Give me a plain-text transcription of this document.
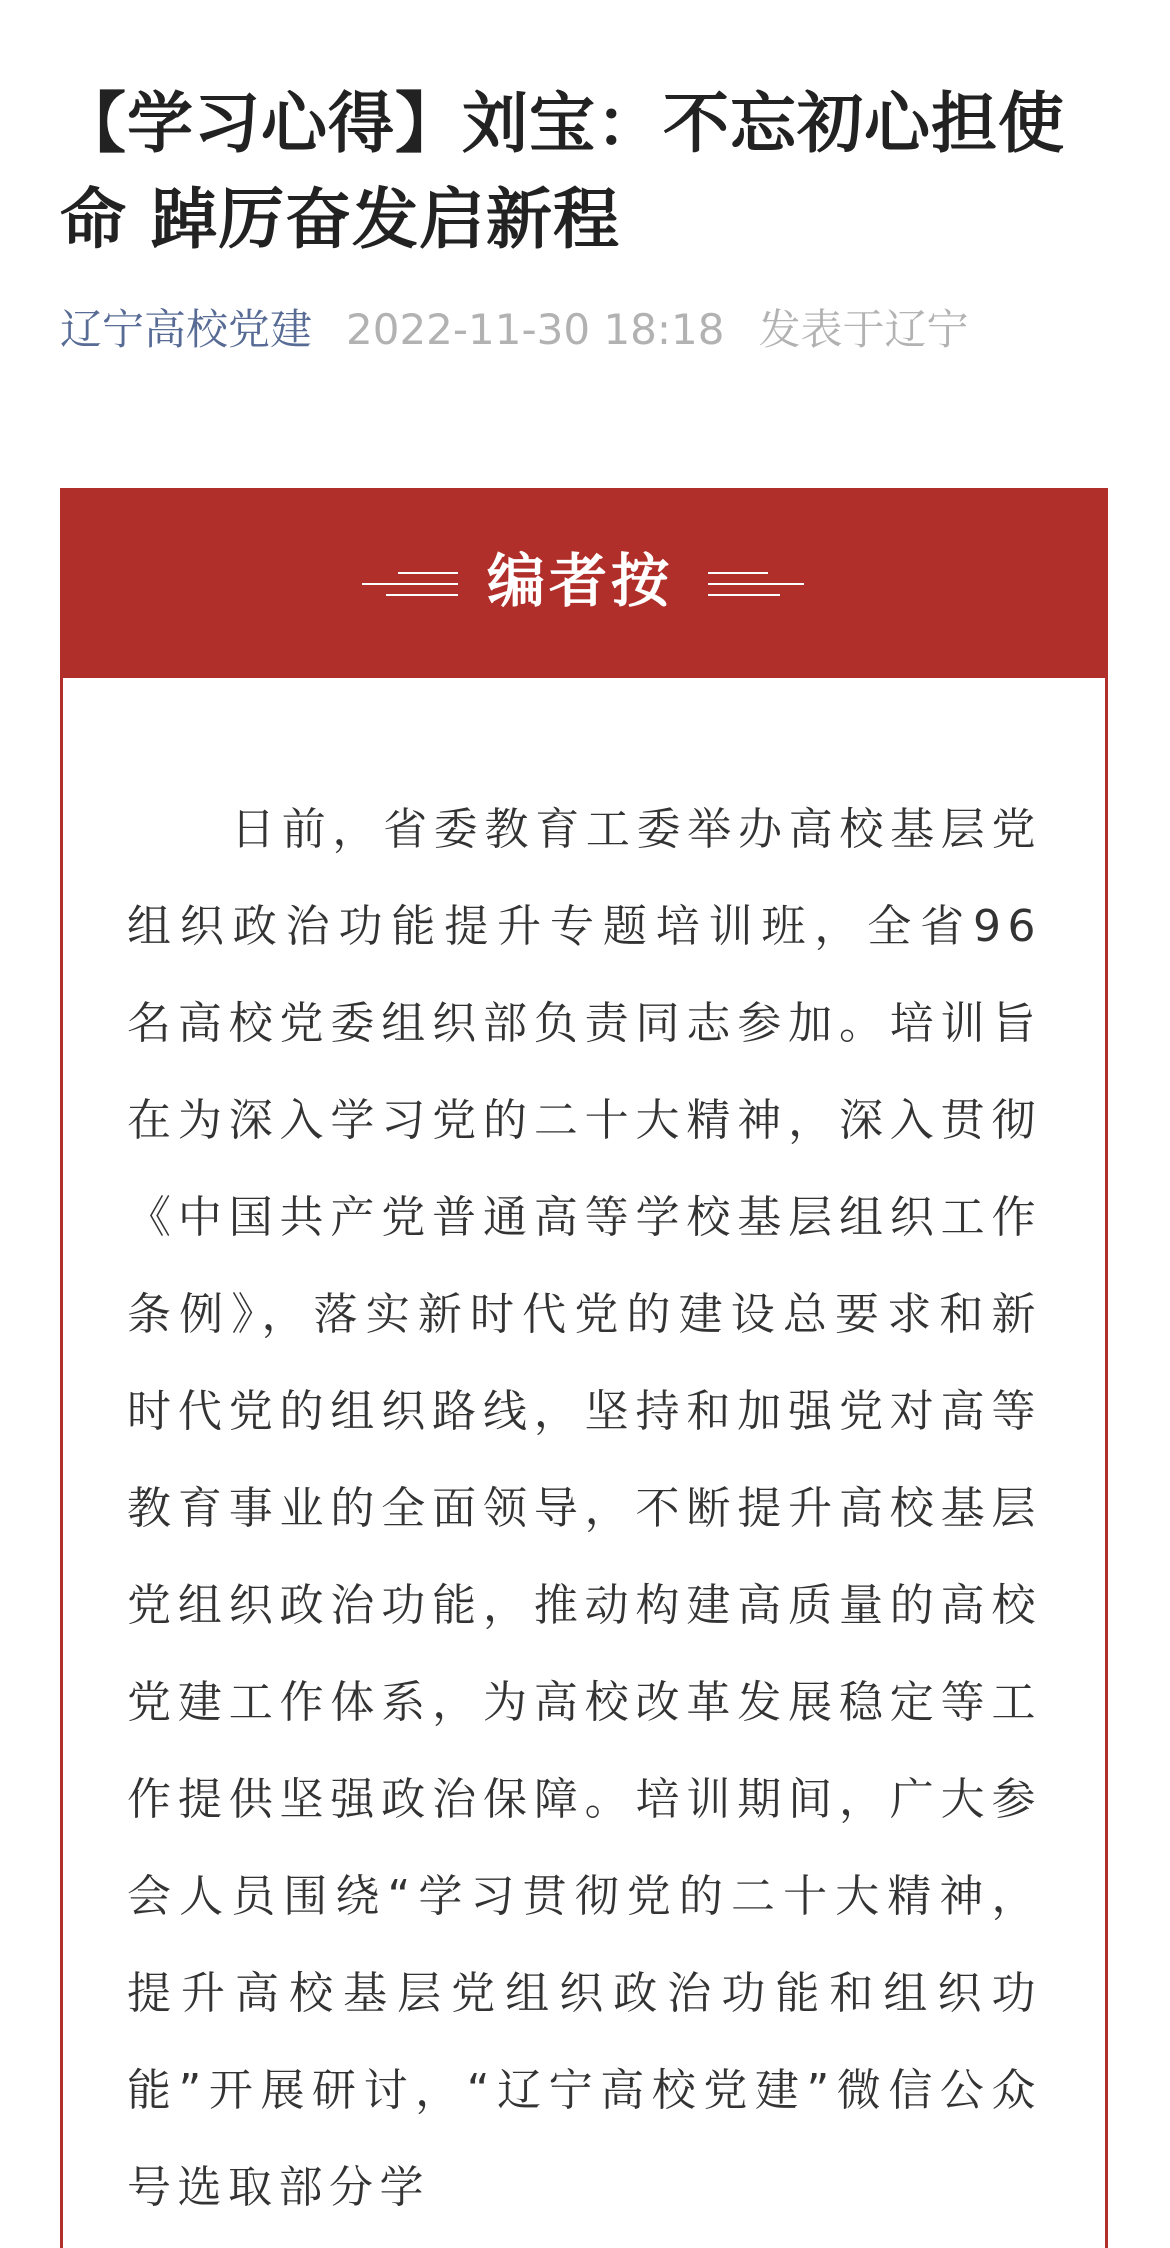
【学习心得】刘宝：不忘初心担使命 踔厉奋发启新程
辽宁高校党建 2022-11-30 18:18 发表于辽宁
编者按

日前，省委教育工委举办高校基层党组织政治功能提升专题培训班，全省96名高校党委组织部负责同志参加。培训旨在为深入学习党的二十大精神，深入贯彻《中国共产党普通高等学校基层组织工作条例》，落实新时代党的建设总要求和新时代党的组织路线，坚持和加强党对高等教育事业的全面领导，不断提升高校基层党组织政治功能，推动构建高质量的高校党建工作体系，为高校改革发展稳定等工作提供坚强政治保障。培训期间，广大参会人员围绕“学习贯彻党的二十大精神，提升高校基层党组织政治功能和组织功能”开展研讨，“辽宁高校党建”微信公众号选取部分学
